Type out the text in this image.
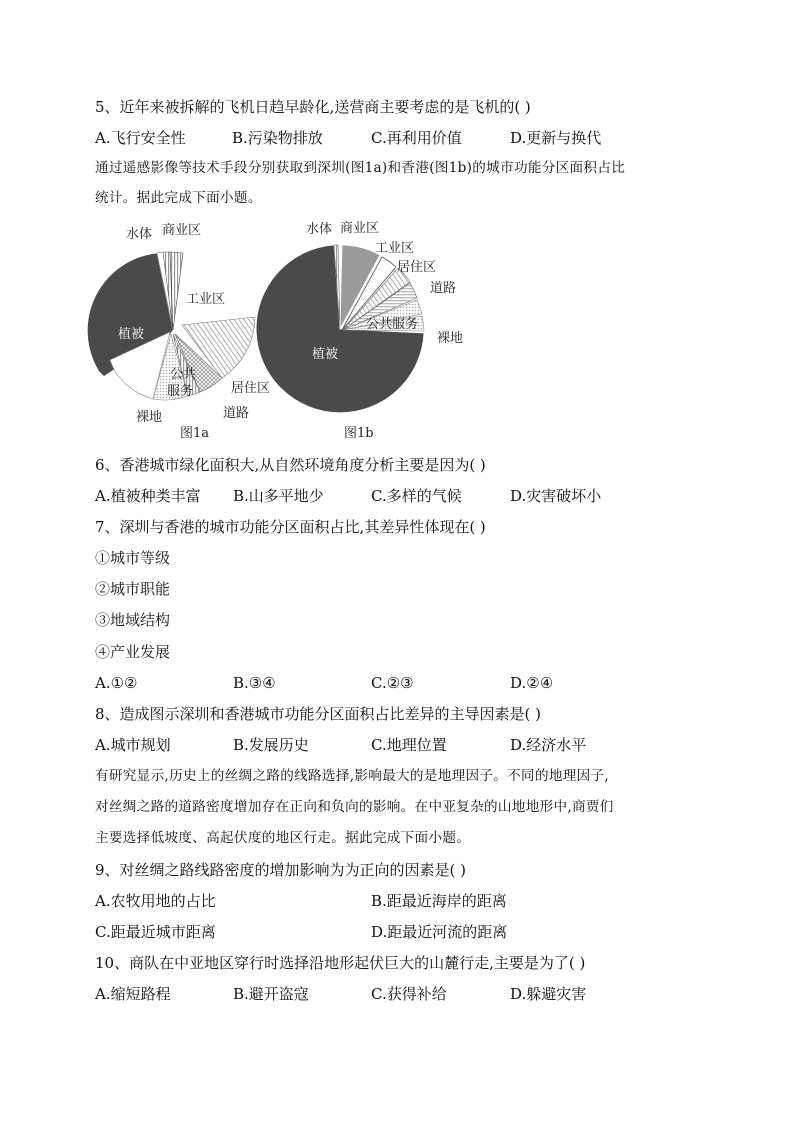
5、近年来被拆解的飞机日趋早龄化,送营商主要考虑的是飞机的( )
A.飞行安全性	B.污染物排放	C.再利用价值	D.更新与换代
通过遥感影像等技术手段分别获取到深圳(图1a)和香港(图1b)的城市功能分区面积占比
统计。据此完成下面小题。
水体 商业区
工业区
植被
公共
服务	居住区
道路
裸地
图1a
水体 商业区
工业区
居住区
道路
公共服务
裸地
植被
图1b
6、香港城市绿化面积大,从自然环境角度分析主要是因为( )
A.植被种类丰富 B.山多平地少	C.多样的气候	D.灾害破坏小
7、深圳与香港的城市功能分区面积占比,其差异性体现在( )
①城市等级
②城市职能
③地域结构
④产业发展
A.①②	B.③④	C.②③	D.②④
8、造成图示深圳和香港城市功能分区面积占比差异的主导因素是( )
A.城市规划	B.发展历史	C.地理位置	D.经济水平
有研究显示,历史上的丝绸之路的线路选择,影响最大的是地理因子。不同的地理因子,
对丝绸之路的道路密度增加存在正向和负向的影响。在中亚复杂的山地地形中,商贾们
主要选择低坡度、高起伏度的地区行走。据此完成下面小题。
9、对丝绸之路线路密度的增加影响为为正向的因素是( )
A.农牧用地的占比	B.距最近海岸的距离
C.距最近城市距离	D.距最近河流的距离
10、商队在中亚地区穿行时选择沿地形起伏巨大的山麓行走,主要是为了( )
A.缩短路程	B.避开盗寇	C.获得补给	D.躲避灾害
